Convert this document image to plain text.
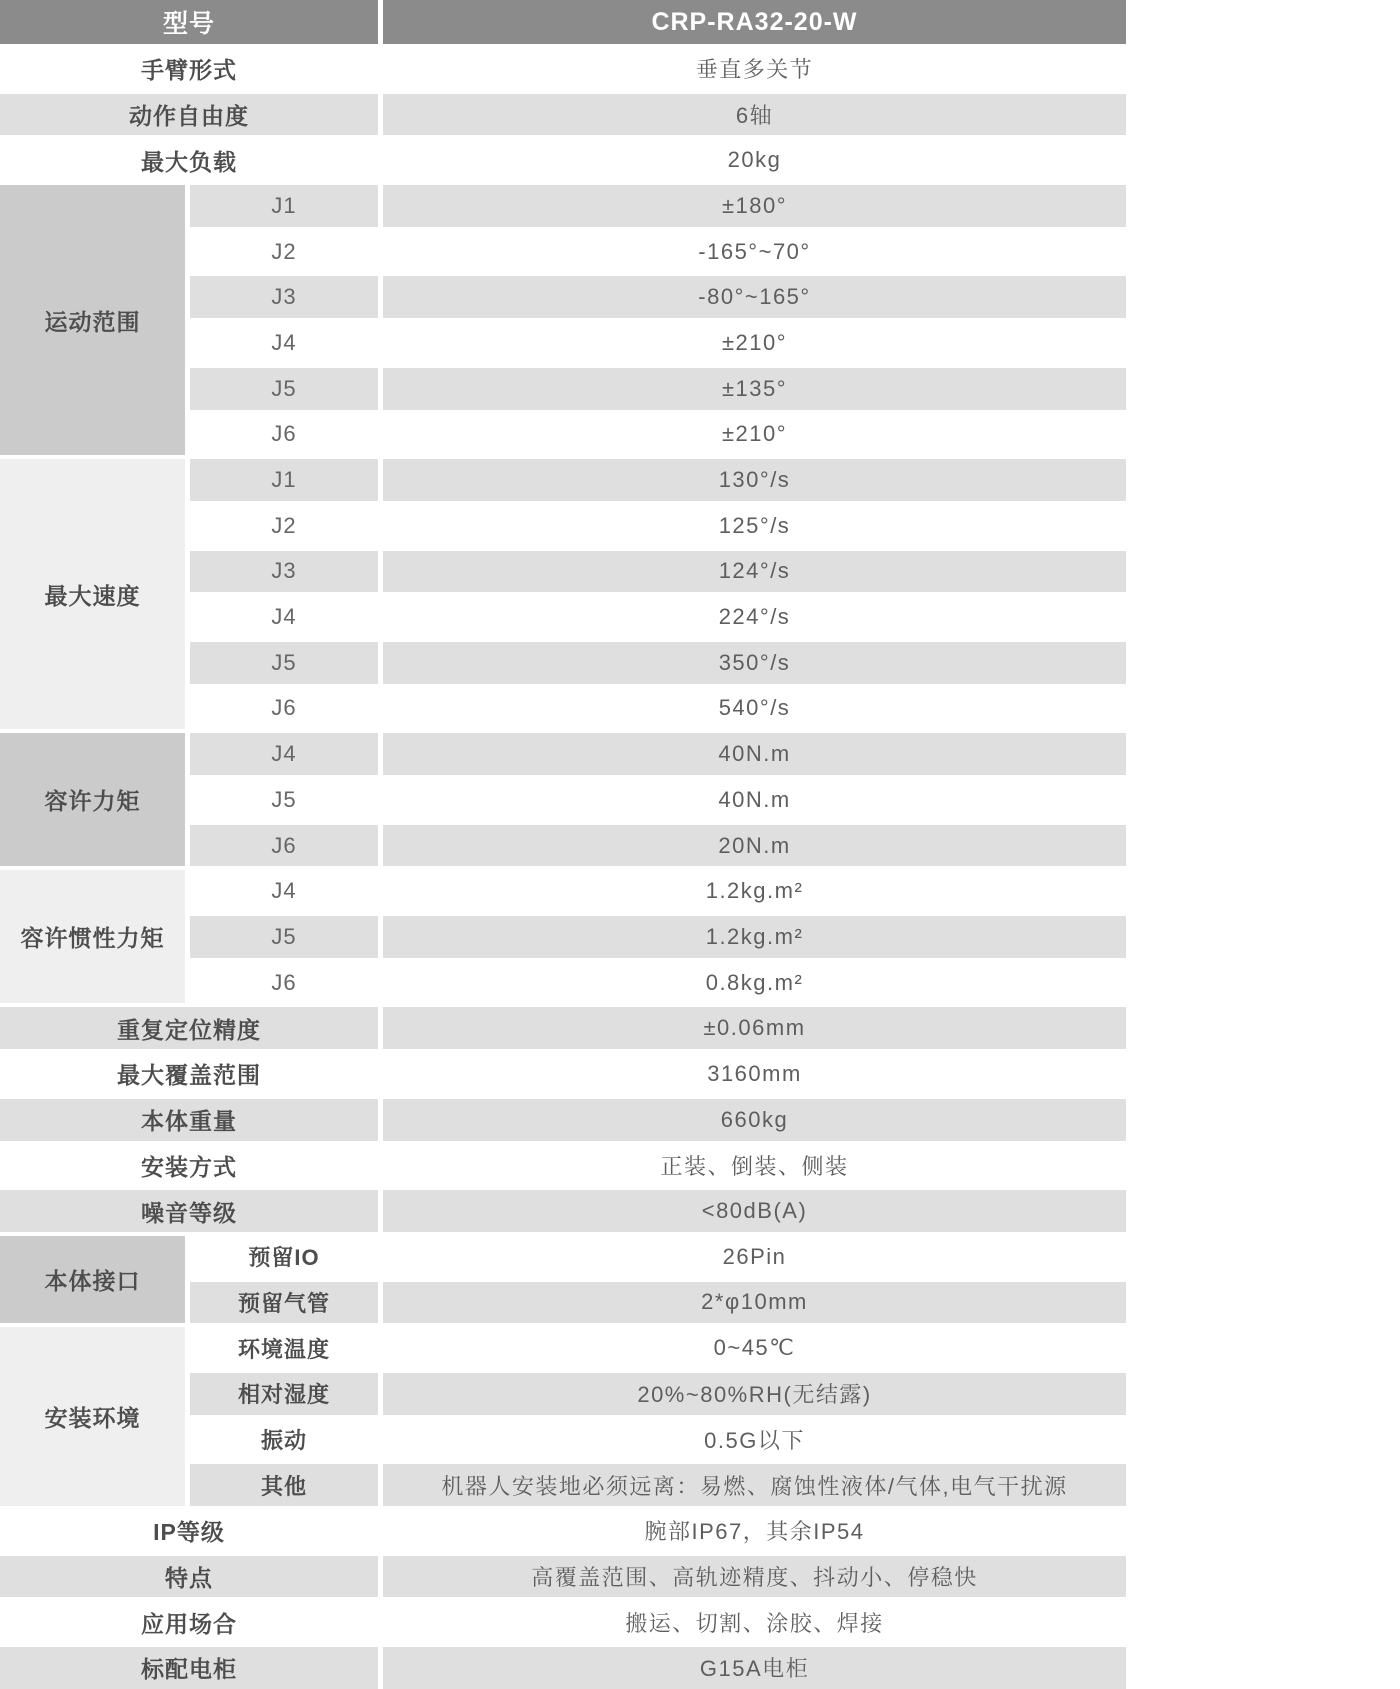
型号	CRP-RA32-20-W
手臂形式	垂直多关节
动作自由度	6轴
最大负载	20kg
运动范围
J1	±180°
J2	-165°~70°
J3	-80°~165°
J4	±210°
J5	±135°
J6	±210°
最大速度
J1	130°/s
J2	125°/s
J3	124°/s
J4	224°/s
J5	350°/s
J6	540°/s
容许力矩
J4	40N.m
J5	40N.m
J6	20N.m
容许惯性力矩
J4	1.2kg.m²
J5	1.2kg.m²
J6	0.8kg.m²
重复定位精度	±0.06mm
最大覆盖范围	3160mm
本体重量	660kg
安装方式	正装、倒装、侧装
噪音等级	<80dB(A)
本体接口
预留IO	26Pin
预留气管	2*φ10mm
安装环境
环境温度	0~45℃
相对湿度	20%~80%RH(无结露)
振动	0.5G以下
其他	机器人安装地必须远离：易燃、腐蚀性液体/气体,电气干扰源
IP等级	腕部IP67，其余IP54
特点	高覆盖范围、高轨迹精度、抖动小、停稳快
应用场合	搬运、切割、涂胶、焊接
标配电柜	G15A电柜
